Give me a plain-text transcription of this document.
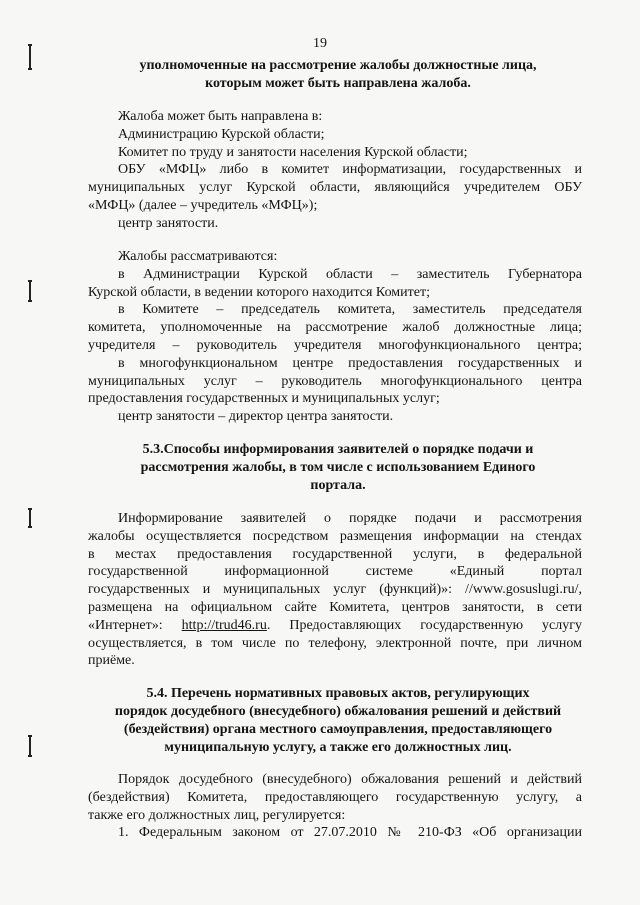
19
уполномоченные на рассмотрение жалобы должностные лица,
которым может быть направлена жалоба.
Жалоба может быть направлена в:
Администрацию Курской области;
Комитет по труду и занятости населения Курской области;
ОБУ «МФЦ» либо в комитет информатизации, государственных и
муниципальных услуг Курской области, являющийся учредителем ОБУ
«МФЦ» (далее – учредитель «МФЦ»);
центр занятости.
Жалобы рассматриваются:
в Администрации Курской области – заместитель Губернатора
Курской области, в ведении которого находится Комитет;
в Комитете – председатель комитета, заместитель председателя
комитета, уполномоченные на рассмотрение жалоб должностные лица;
учредителя – руководитель учредителя многофункционального центра;
в многофункциональном центре предоставления государственных и
муниципальных услуг – руководитель многофункционального центра
предоставления государственных и муниципальных услуг;
центр занятости – директор центра занятости.
5.3.Способы информирования заявителей о порядке подачи и
рассмотрения жалобы, в том числе с использованием Единого
портала.
Информирование заявителей о порядке подачи и рассмотрения
жалобы осуществляется посредством размещения информации на стендах
в местах предоставления государственной услуги, в федеральной
государственной информационной системе «Единый портал
государственных и муниципальных услуг (функций)»: //www.gosuslugi.ru/,
размещена на официальном сайте Комитета, центров занятости, в сети
«Интернет»: http://trud46.ru. Предоставляющих государственную услугу
осуществляется, в том числе по телефону, электронной почте, при личном
приёме.
5.4. Перечень нормативных правовых актов, регулирующих
порядок досудебного (внесудебного) обжалования решений и действий
(бездействия) органа местного самоуправления, предоставляющего
муниципальную услугу, а также его должностных лиц.
Порядок досудебного (внесудебного) обжалования решений и действий
(бездействия) Комитета, предоставляющего государственную услугу, а
также его должностных лиц, регулируется:
1. Федеральным законом от 27.07.2010 № 210-ФЗ «Об организации
